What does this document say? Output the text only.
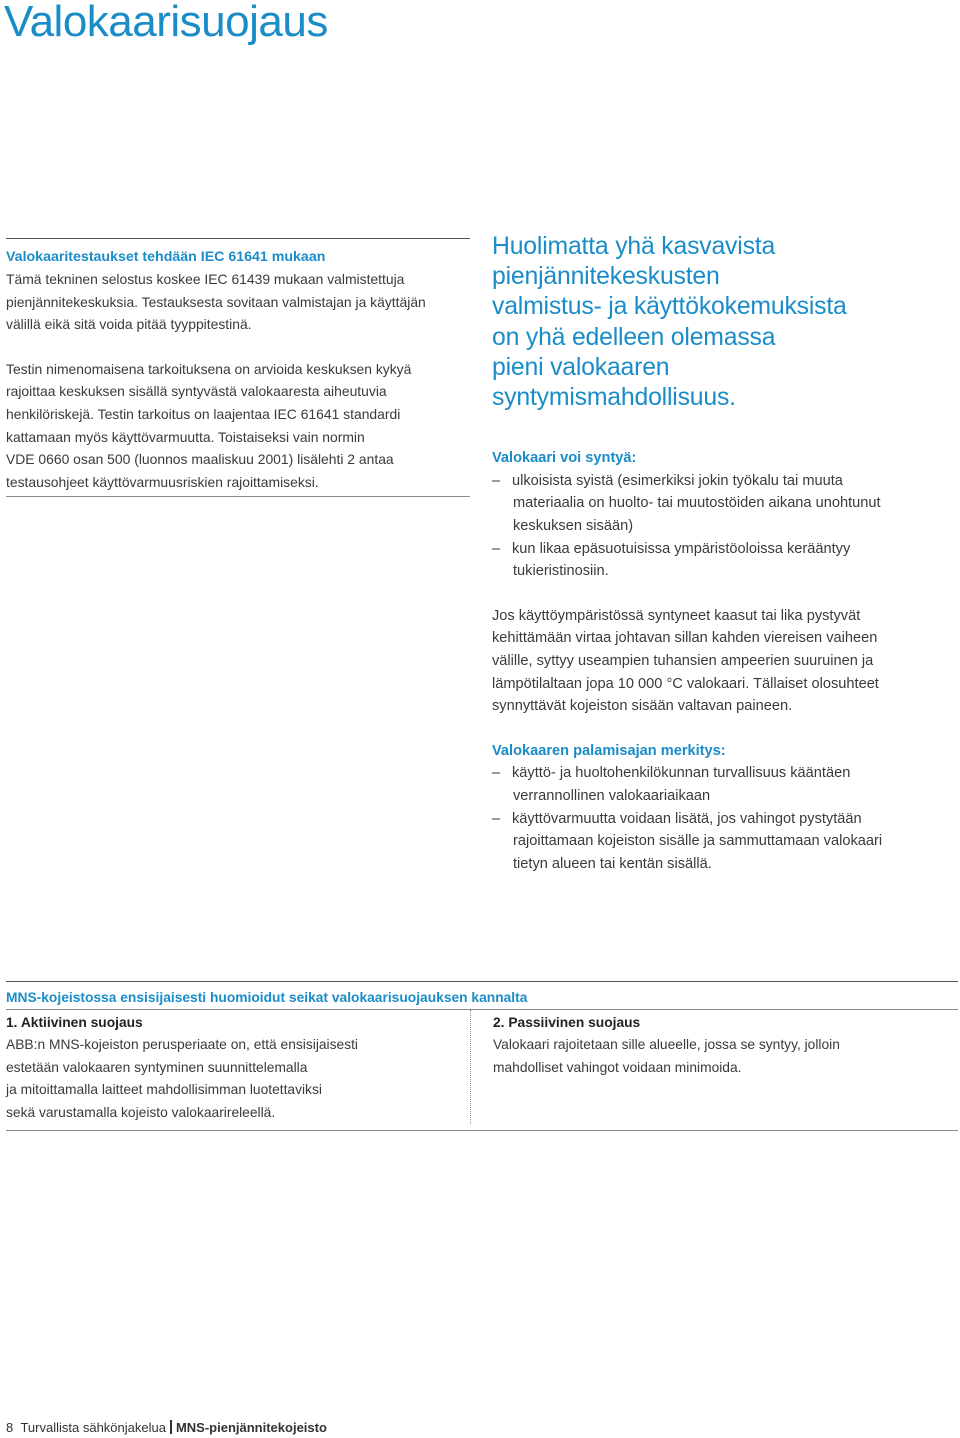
Valokaarisuojaus

Valokaaritestaukset tehdään IEC 61641 mukaan

Tämä tekninen selostus koskee IEC 61439 mukaan valmistettuja

pienjännitekeskuksia. Testauksesta sovitaan valmistajan ja käyttäjän

välillä eikä sitä voida pitää tyyppitestinä.

Testin nimenomaisena tarkoituksena on arvioida keskuksen kykyä

rajoittaa keskuksen sisällä syntyvästä valokaaresta aiheutuvia

henkilöriskejä. Testin tarkoitus on laajentaa IEC 61641 standardi

kattamaan myös käyttövarmuutta. Toistaiseksi vain normin

VDE 0660 osan 500 (luonnos maaliskuu 2001) lisälehti 2 antaa

testausohjeet käyttövarmuusriskien rajoittamiseksi.

Huolimatta yhä kasvavista
pienjännitekeskusten
valmistus- ja käyttökokemuksista
on yhä edelleen olemassa
pieni valokaaren
syntymismahdollisuus.

Valokaari voi syntyä:

– ulkoisista syistä (esimerkiksi jokin työkalu tai muuta
materiaalia on huolto- tai muutostöiden aikana unohtunut
keskuksen sisään)
– kun likaa epäsuotuisissa ympäristöoloissa kerääntyy
tukieristinosiin.

Jos käyttöympäristössä syntyneet kaasut tai lika pystyvät

kehittämään virtaa johtavan sillan kahden viereisen vaiheen

välille, syttyy useampien tuhansien ampeerien suuruinen ja

lämpötilaltaan jopa 10 000 °C valokaari. Tällaiset olosuhteet

synnyttävät kojeiston sisään valtavan paineen.

Valokaaren palamisajan merkitys:

– käyttö- ja huoltohenkilökunnan turvallisuus kääntäen
verrannollinen valokaariaikaan
– käyttövarmuutta voidaan lisätä, jos vahingot pystytään
rajoittamaan kojeiston sisälle ja sammuttamaan valokaari
tietyn alueen tai kentän sisällä.

MNS-kojeistossa ensisijaisesti huomioidut seikat valokaarisuojauksen kannalta

1. Aktiivinen suojaus

ABB:n MNS-kojeiston perusperiaate on, että ensisijaisesti

estetään valokaaren syntyminen suunnittelemalla

ja mitoittamalla laitteet mahdollisimman luotettaviksi

sekä varustamalla kojeisto valokaarireleellä.

2. Passiivinen suojaus

Valokaari rajoitetaan sille alueelle, jossa se syntyy, jolloin

mahdolliset vahingot voidaan minimoida.

8 Turvallista sähkönjakelua MNS-pienjännitekojeisto
